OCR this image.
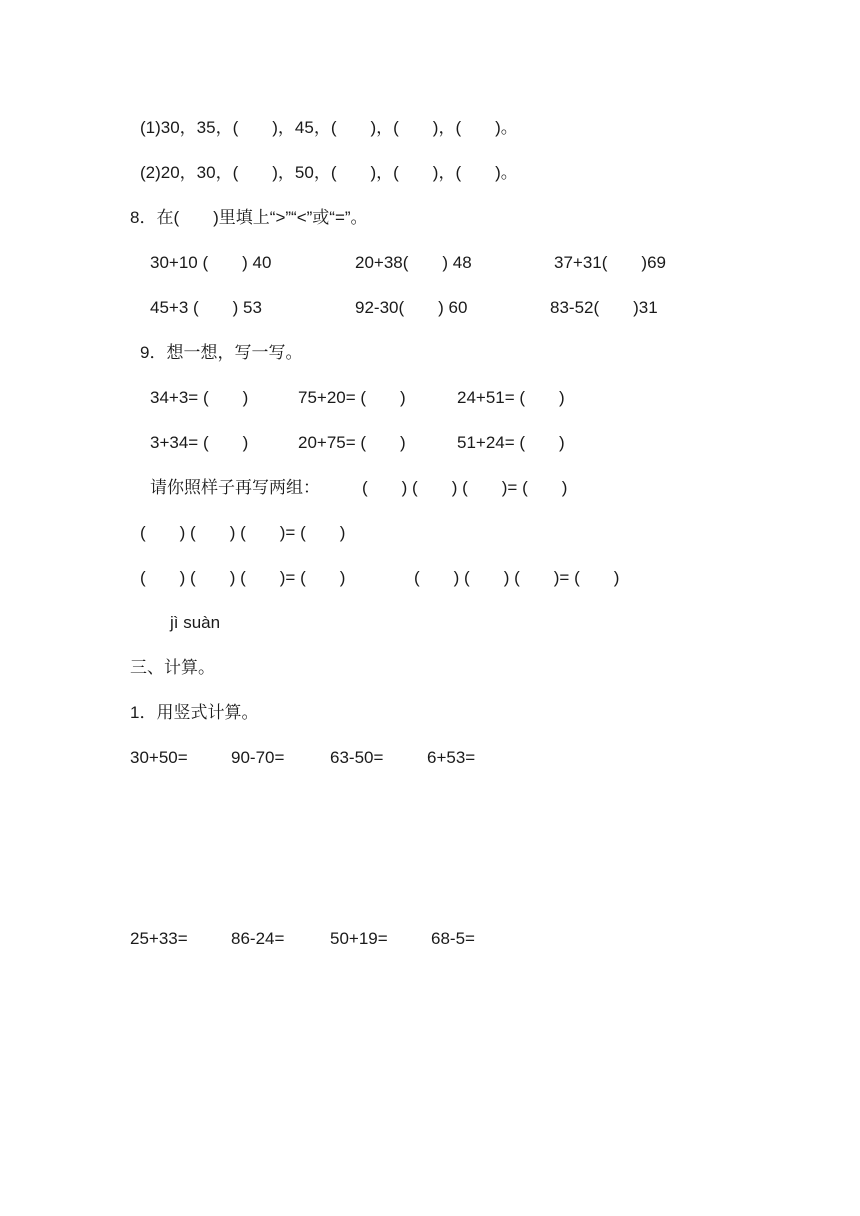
(1)30，35，(　　)，45，(　　)，(　　)，(　　)。
(2)20，30，(　　)，50，(　　)，(　　)，(　　)。
8．在(　　)里填上“>”“<”或“=”。
30+10 (　　) 40	20+38(　　) 48	37+31(　　)69
45+3 (　　) 53	92-30(　　) 60	83-52(　　)31
9．想一想，写一写。
34+3= (　　)	75+20= (　　)	24+51= (　　)
3+34= (　　)	20+75= (　　)	51+24= (　　)
请你照样子再写两组： (　　) (　　) (　　)= (　　)
(　　) (　　) (　　)= (　　)
(　　) (　　) (　　)= (　　)	(　　) (　　) (　　)= (　　)
jì suàn
三、计算。
1．用竖式计算。
30+50=	90-70=	63-50=	6+53=
25+33=	86-24=	50+19=	68-5=
